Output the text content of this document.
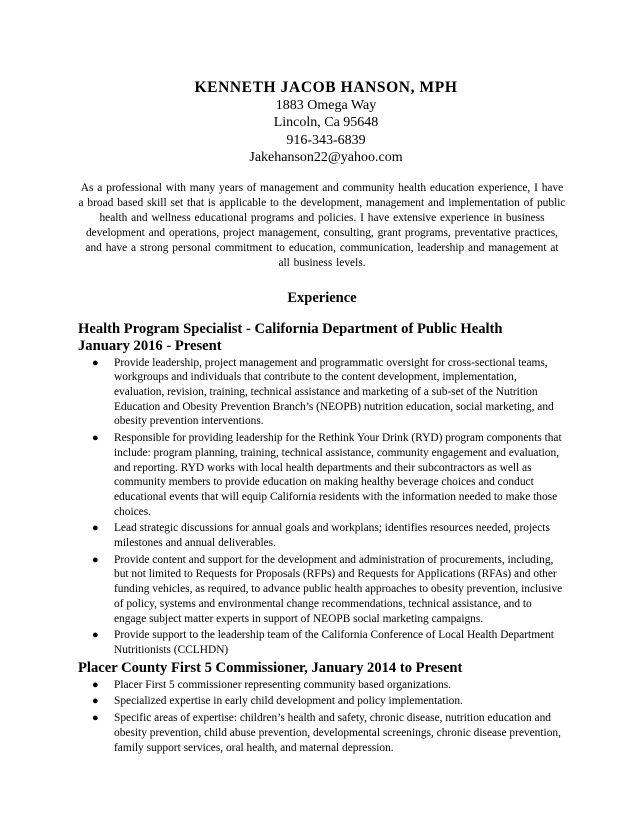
KENNETH JACOB HANSON, MPH
1883 Omega Way
Lincoln, Ca 95648
916-343-6839
Jakehanson22@yahoo.com
As a professional with many years of management and community health education experience, I have a broad based skill set that is applicable to the development, management and implementation of public health and wellness educational programs and policies. I have extensive experience in business development and operations, project management, consulting, grant programs, preventative practices, and have a strong personal commitment to education, communication, leadership and management at all business levels.
Experience
Health Program Specialist - California Department of Public Health
January 2016 - Present
● Provide leadership, project management and programmatic oversight for cross-sectional teams, workgroups and individuals that contribute to the content development, implementation, evaluation, revision, training, technical assistance and marketing of a sub-set of the Nutrition Education and Obesity Prevention Branch’s (NEOPB) nutrition education, social marketing, and obesity prevention interventions.
● Responsible for providing leadership for the Rethink Your Drink (RYD) program components that include: program planning, training, technical assistance, community engagement and evaluation, and reporting. RYD works with local health departments and their subcontractors as well as community members to provide education on making healthy beverage choices and conduct educational events that will equip California residents with the information needed to make those choices.
● Lead strategic discussions for annual goals and workplans; identifies resources needed, projects milestones and annual deliverables.
● Provide content and support for the development and administration of procurements, including, but not limited to Requests for Proposals (RFPs) and Requests for Applications (RFAs) and other funding vehicles, as required, to advance public health approaches to obesity prevention, inclusive of policy, systems and environmental change recommendations, technical assistance, and to engage subject matter experts in support of NEOPB social marketing campaigns.
● Provide support to the leadership team of the California Conference of Local Health Department Nutritionists (CCLHDN)
Placer County First 5 Commissioner, January 2014 to Present
● Placer First 5 commissioner representing community based organizations.
● Specialized expertise in early child development and policy implementation.
● Specific areas of expertise: children’s health and safety, chronic disease, nutrition education and obesity prevention, child abuse prevention, developmental screenings, chronic disease prevention, family support services, oral health, and maternal depression.
